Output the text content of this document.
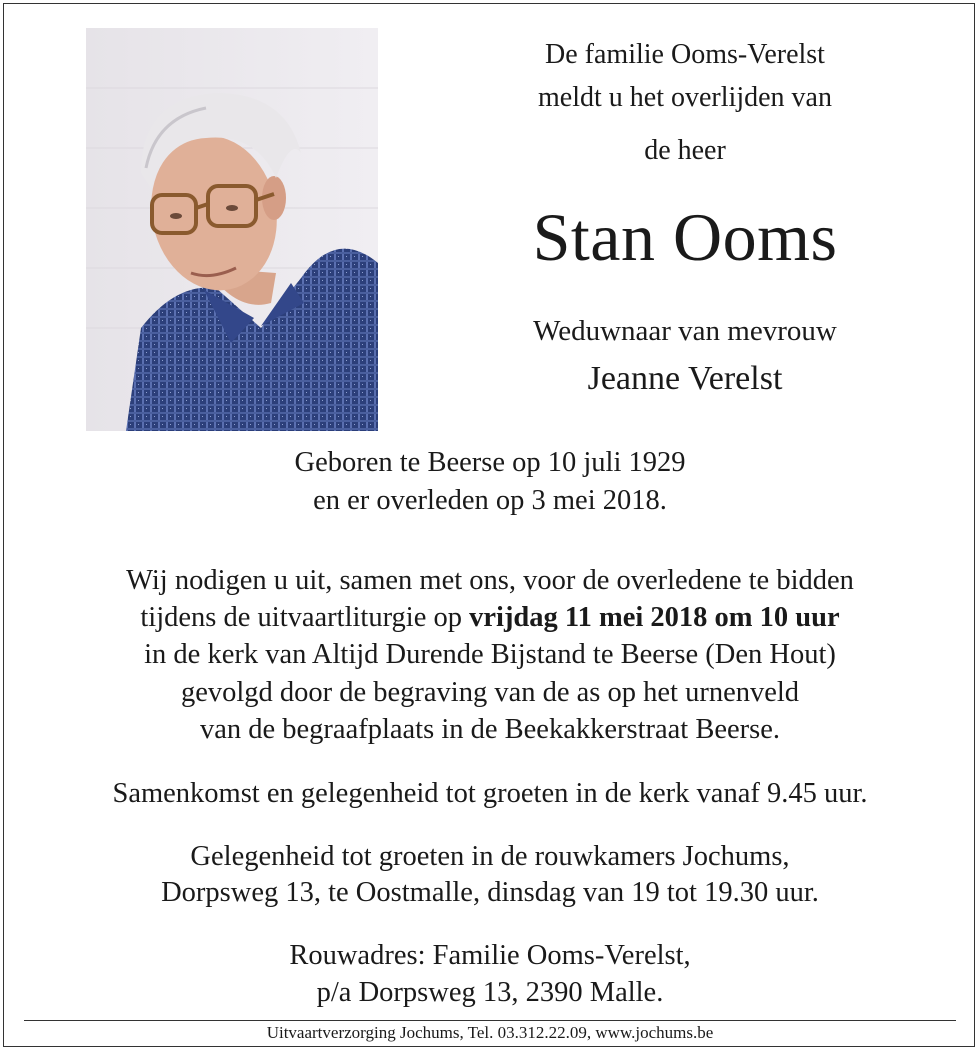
De familie Ooms-Verelst
meldt u het overlijden van
de heer
Stan Ooms
Weduwnaar van mevrouw
Jeanne Verelst
Geboren te Beerse op 10 juli 1929
en er overleden op 3 mei 2018.
Wij nodigen u uit, samen met ons, voor de overledene te bidden
tijdens de uitvaartliturgie op vrijdag 11 mei 2018 om 10 uur
in de kerk van Altijd Durende Bijstand te Beerse (Den Hout)
gevolgd door de begraving van de as op het urnenveld
van de begraafplaats in de Beekakkerstraat Beerse.
Samenkomst en gelegenheid tot groeten in de kerk vanaf 9.45 uur.
Gelegenheid tot groeten in de rouwkamers Jochums,
Dorpsweg 13, te Oostmalle, dinsdag van 19 tot 19.30 uur.
Rouwadres: Familie Ooms-Verelst,
p/a Dorpsweg 13, 2390 Malle.
Uitvaartverzorging Jochums, Tel. 03.312.22.09, www.jochums.be
